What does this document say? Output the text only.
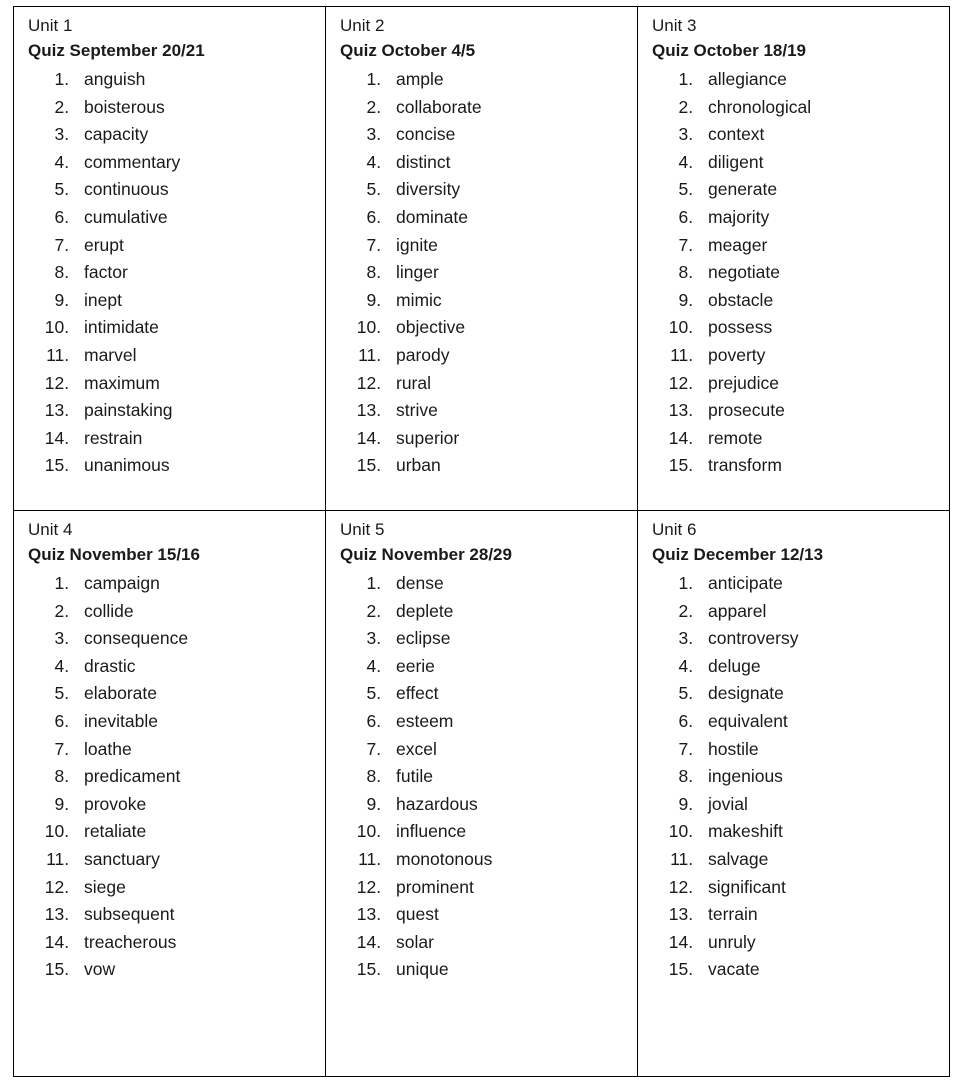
Unit 1
Quiz September 20/21
1. anguish
2. boisterous
3. capacity
4. commentary
5. continuous
6. cumulative
7. erupt
8. factor
9. inept
10. intimidate
11. marvel
12. maximum
13. painstaking
14. restrain
15. unanimous

Unit 2
Quiz October 4/5
1. ample
2. collaborate
3. concise
4. distinct
5. diversity
6. dominate
7. ignite
8. linger
9. mimic
10. objective
11. parody
12. rural
13. strive
14. superior
15. urban

Unit 3
Quiz October 18/19
1. allegiance
2. chronological
3. context
4. diligent
5. generate
6. majority
7. meager
8. negotiate
9. obstacle
10. possess
11. poverty
12. prejudice
13. prosecute
14. remote
15. transform

Unit 4
Quiz November 15/16
1. campaign
2. collide
3. consequence
4. drastic
5. elaborate
6. inevitable
7. loathe
8. predicament
9. provoke
10. retaliate
11. sanctuary
12. siege
13. subsequent
14. treacherous
15. vow

Unit 5
Quiz November 28/29
1. dense
2. deplete
3. eclipse
4. eerie
5. effect
6. esteem
7. excel
8. futile
9. hazardous
10. influence
11. monotonous
12. prominent
13. quest
14. solar
15. unique

Unit 6
Quiz December 12/13
1. anticipate
2. apparel
3. controversy
4. deluge
5. designate
6. equivalent
7. hostile
8. ingenious
9. jovial
10. makeshift
11. salvage
12. significant
13. terrain
14. unruly
15. vacate
